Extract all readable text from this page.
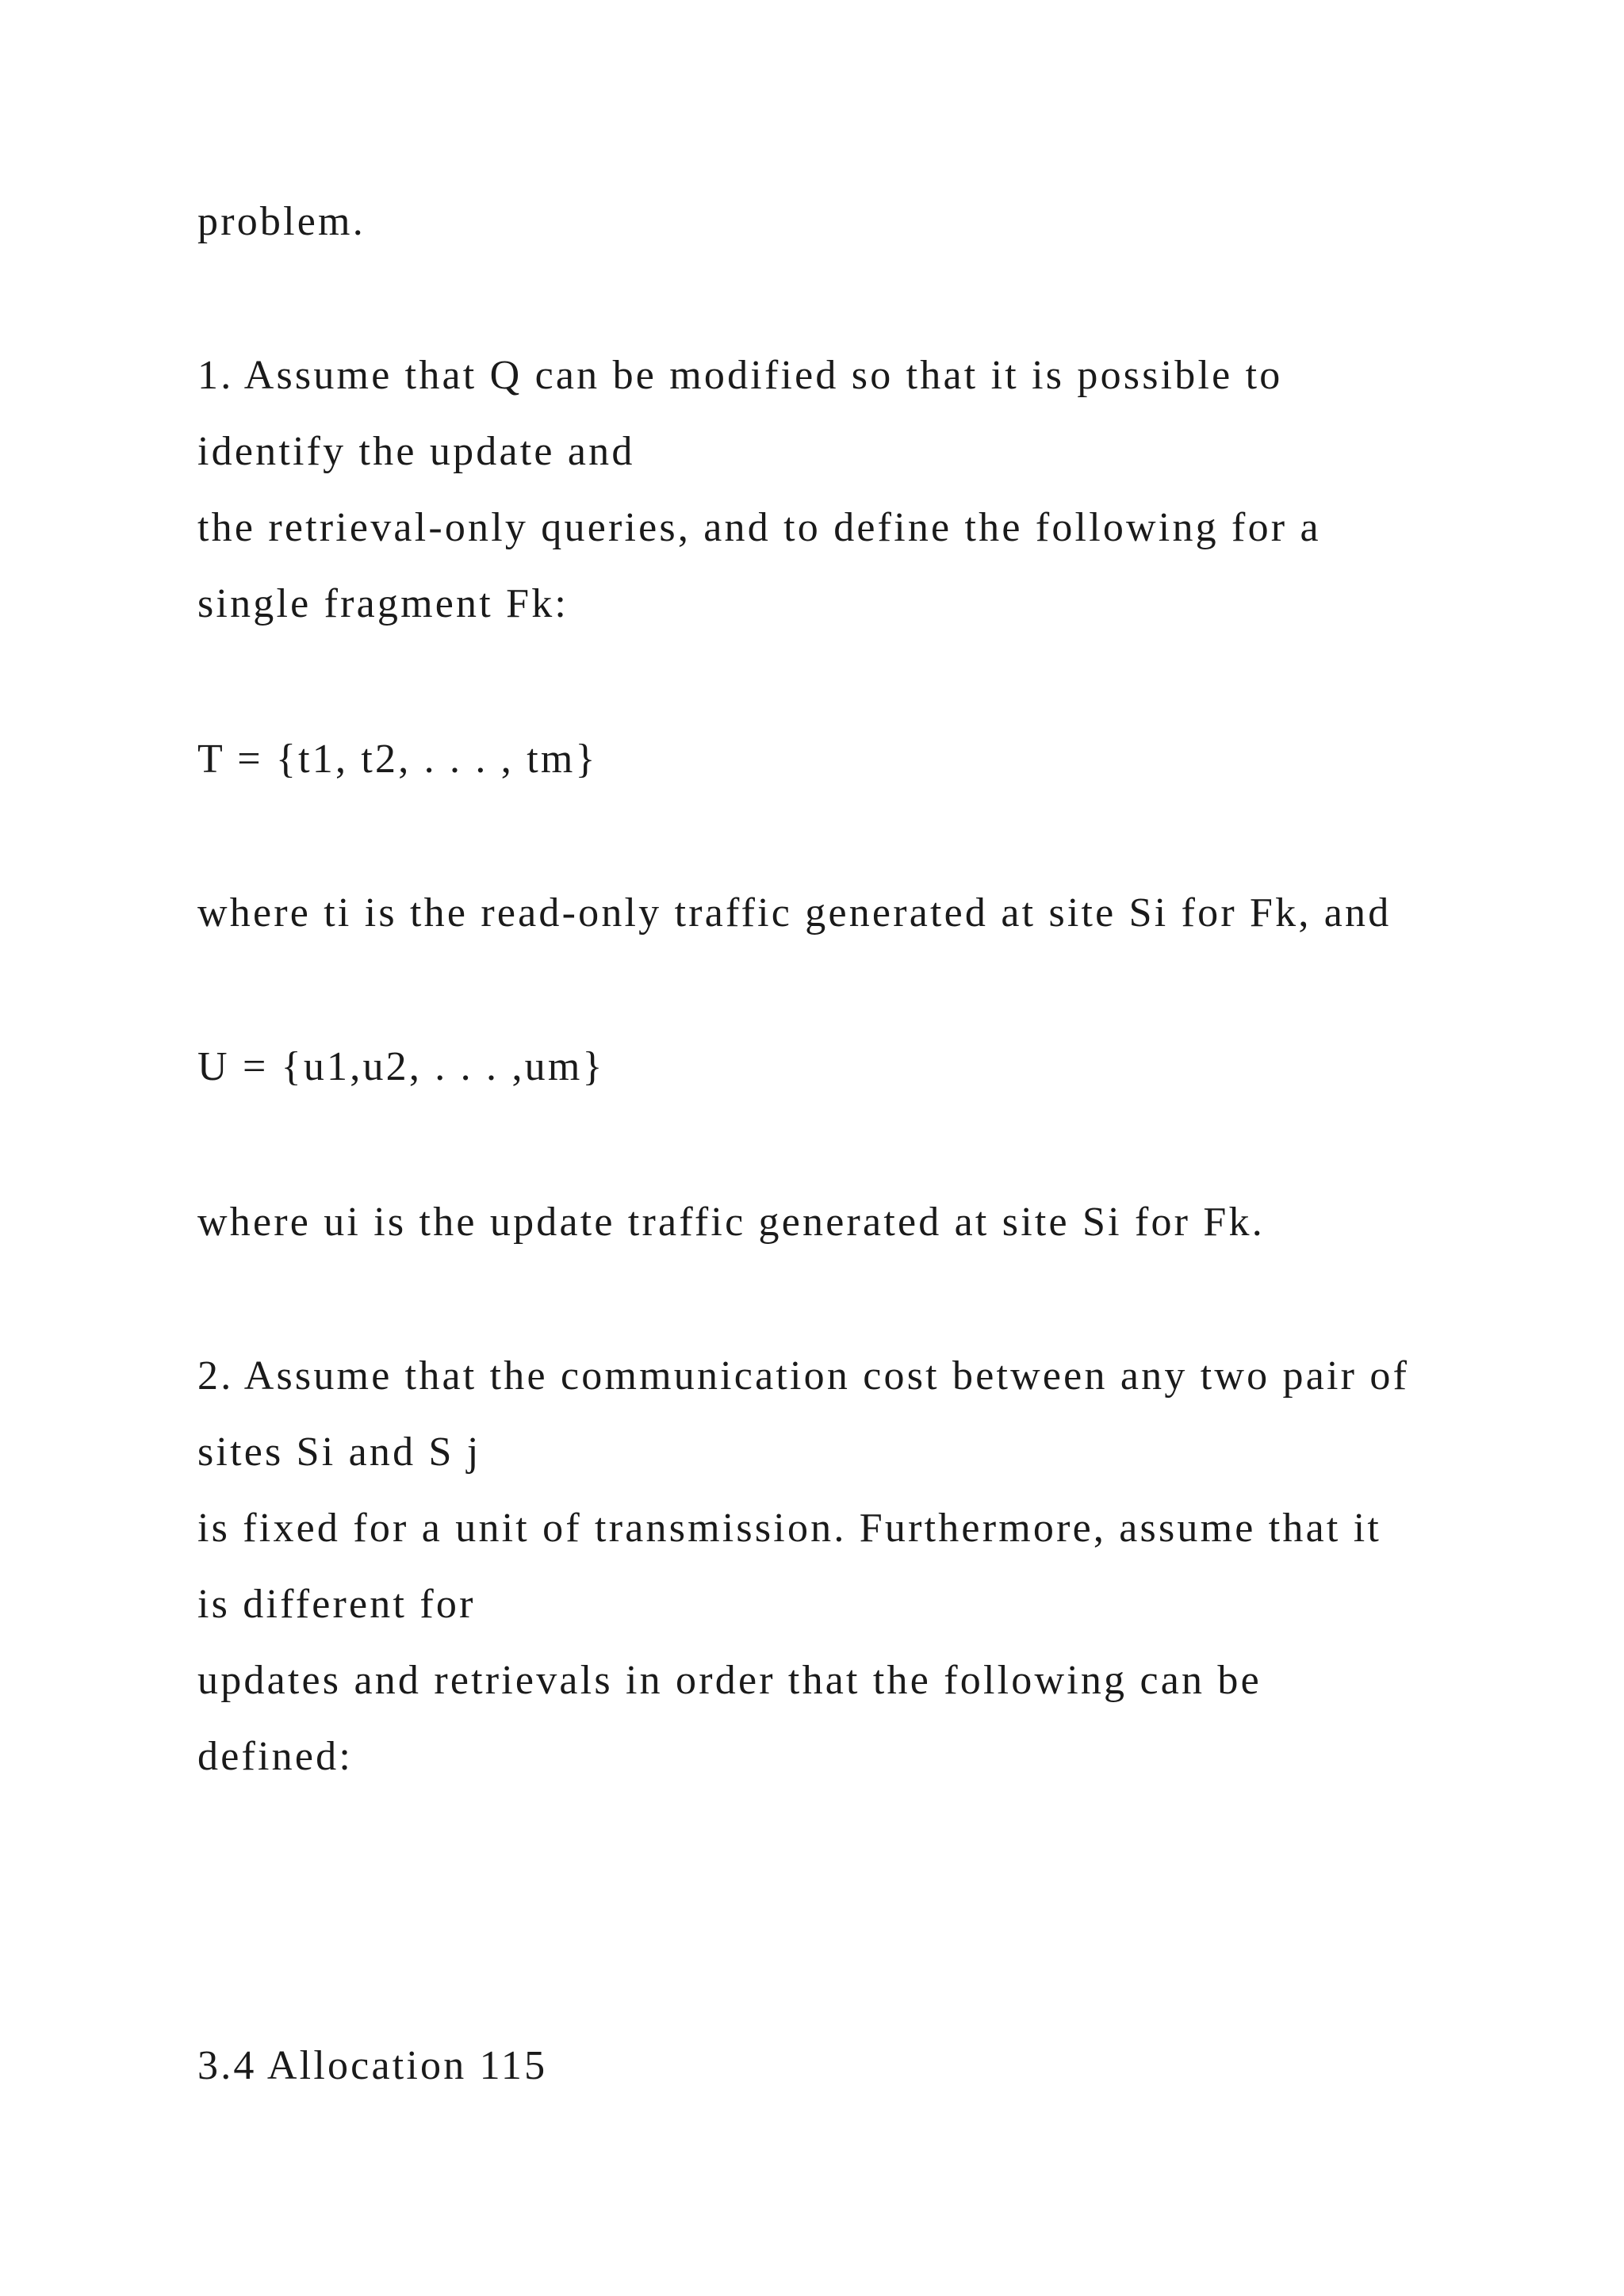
problem.
1. Assume that Q can be modified so that it is possible to
identify the update and
the retrieval-only queries, and to define the following for a
single fragment Fk:
T = {t1, t2, . . . , tm}
where ti is the read-only traffic generated at site Si for Fk, and
U = {u1,u2, . . . ,um}
where ui is the update traffic generated at site Si for Fk.
2. Assume that the communication cost between any two pair of
sites Si and S j
is fixed for a unit of transmission. Furthermore, assume that it
is different for
updates and retrievals in order that the following can be
defined:
3.4 Allocation 115
